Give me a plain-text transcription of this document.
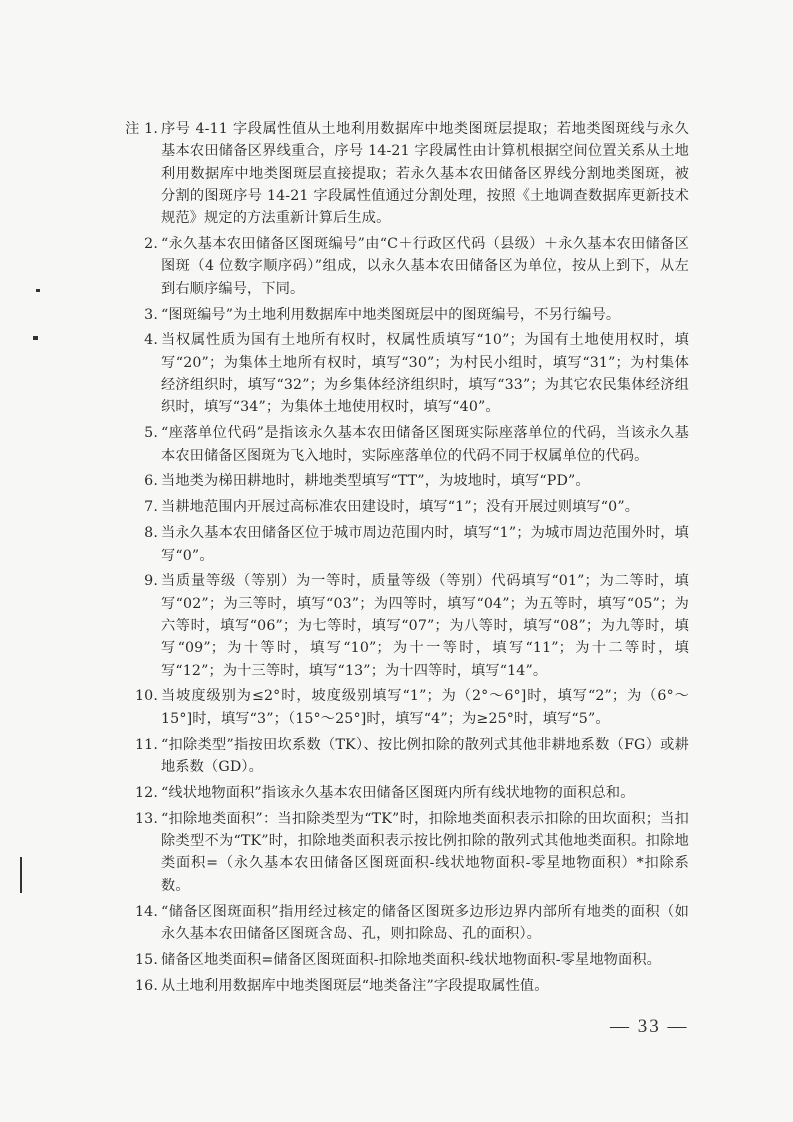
注 1. 序号 4-11 字段属性值从土地利用数据库中地类图斑层提取；若地类图斑线与永久基本农田储备区界线重合，序号 14-21 字段属性由计算机根据空间位置关系从土地利用数据库中地类图斑层直接提取；若永久基本农田储备区界线分割地类图斑，被分割的图斑序号 14-21 字段属性值通过分割处理，按照《土地调查数据库更新技术规范》规定的方法重新计算后生成。
2. “永久基本农田储备区图斑编号”由“C＋行政区代码（县级）＋永久基本农田储备区图斑（4 位数字顺序码）”组成，以永久基本农田储备区为单位，按从上到下，从左到右顺序编号，下同。
3. “图斑编号”为土地利用数据库中地类图斑层中的图斑编号，不另行编号。
4. 当权属性质为国有土地所有权时，权属性质填写“10”；为国有土地使用权时，填写“20”；为集体土地所有权时，填写“30”；为村民小组时，填写“31”；为村集体经济组织时，填写“32”；为乡集体经济组织时，填写“33”；为其它农民集体经济组织时，填写“34”；为集体土地使用权时，填写“40”。
5. “座落单位代码”是指该永久基本农田储备区图斑实际座落单位的代码，当该永久基本农田储备区图斑为飞入地时，实际座落单位的代码不同于权属单位的代码。
6. 当地类为梯田耕地时，耕地类型填写“TT”，为坡地时，填写“PD”。
7. 当耕地范围内开展过高标准农田建设时，填写“1”；没有开展过则填写“0”。
8. 当永久基本农田储备区位于城市周边范围内时，填写“1”；为城市周边范围外时，填写“0”。
9. 当质量等级（等别）为一等时，质量等级（等别）代码填写“01”；为二等时，填写“02”；为三等时，填写“03”；为四等时，填写“04”；为五等时，填写“05”；为六等时，填写“06”；为七等时，填写“07”；为八等时，填写“08”；为九等时，填写“09”；为十等时，填写“10”；为十一等时，填写“11”；为十二等时，填写“12”；为十三等时，填写“13”；为十四等时，填写“14”。
10. 当坡度级别为≤2°时，坡度级别填写“1”；为（2°～6°]时，填写“2”；为（6°～15°]时，填写“3”；（15°～25°]时，填写“4”；为≥25°时，填写“5”。
11. “扣除类型”指按田坎系数（TK）、按比例扣除的散列式其他非耕地系数（FG）或耕地系数（GD）。
12. “线状地物面积”指该永久基本农田储备区图斑内所有线状地物的面积总和。
13. “扣除地类面积”：当扣除类型为“TK”时，扣除地类面积表示扣除的田坎面积；当扣除类型不为“TK”时，扣除地类面积表示按比例扣除的散列式其他地类面积。扣除地类面积=（永久基本农田储备区图斑面积-线状地物面积-零星地物面积）*扣除系数。
14. “储备区图斑面积”指用经过核定的储备区图斑多边形边界内部所有地类的面积（如永久基本农田储备区图斑含岛、孔，则扣除岛、孔的面积）。
15. 储备区地类面积=储备区图斑面积-扣除地类面积-线状地物面积-零星地物面积。
16. 从土地利用数据库中地类图斑层“地类备注”字段提取属性值。
— 33 —
